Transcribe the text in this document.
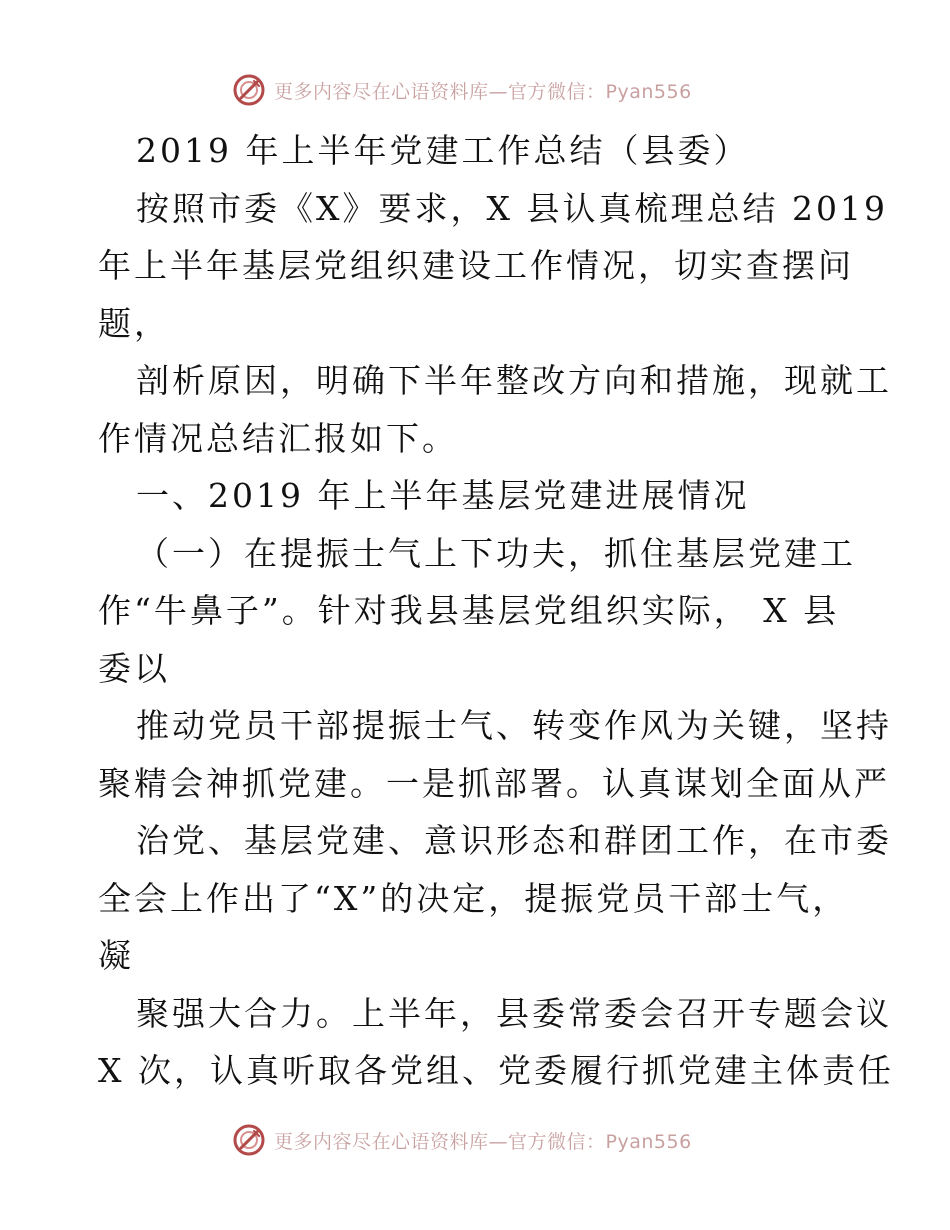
更多内容尽在心语资料库—官方微信：Pyan556
2019 年上半年党建工作总结（县委）
按照市委《X》要求，X 县认真梳理总结 2019
年上半年基层党组织建设工作情况，切实查摆问
题，
剖析原因，明确下半年整改方向和措施，现就工
作情况总结汇报如下。
一、2019 年上半年基层党建进展情况
（一）在提振士气上下功夫，抓住基层党建工
作“牛鼻子”。针对我县基层党组织实际， X 县
委以
推动党员干部提振士气、转变作风为关键，坚持
聚精会神抓党建。一是抓部署。认真谋划全面从严
治党、基层党建、意识形态和群团工作，在市委
全会上作出了“X”的决定，提振党员干部士气，
凝
聚强大合力。上半年，县委常委会召开专题会议
X 次，认真听取各党组、党委履行抓党建主体责任
更多内容尽在心语资料库—官方微信：Pyan556
